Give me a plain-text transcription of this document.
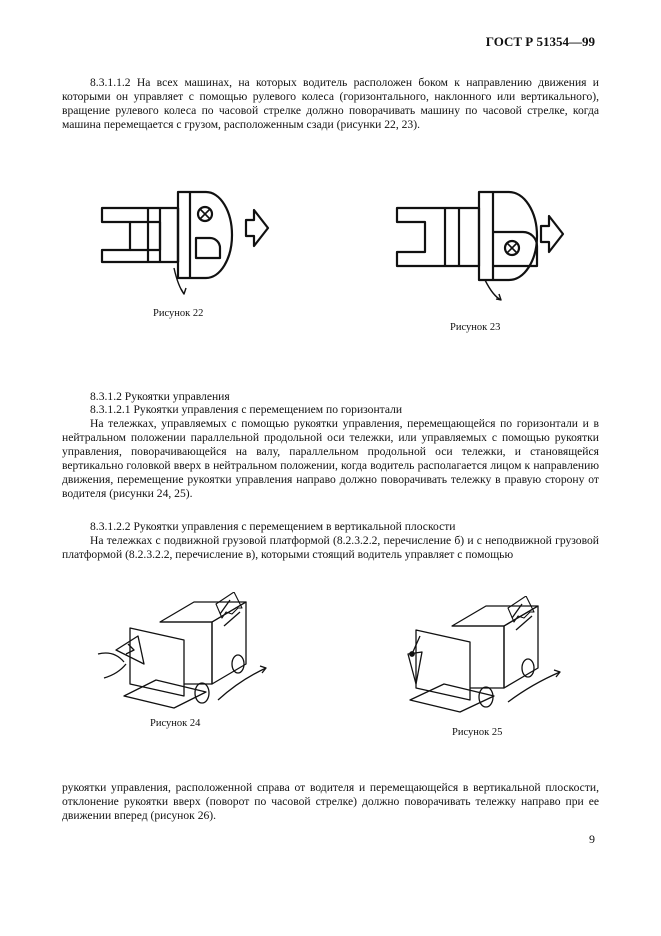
ГОСТ Р 51354—99

8.3.1.1.2 На всех машинах, на которых водитель расположен боком к направлению движения и которыми он управляет с помощью рулевого колеса (горизонтального, наклонного или вертикального), вращение рулевого колеса по часовой стрелке должно поворачивать машину по часовой стрелке, когда машина перемещается с грузом, расположенным сзади (рисунки 22, 23).

Рисунок 22
Рисунок 23
8.3.1.2 Рукоятки управления
8.3.1.2.1 Рукоятки управления с перемещением по горизонтали

На тележках, управляемых с помощью рукоятки управления, перемещающейся по горизонтали и в нейтральном положении параллельной продольной оси тележки, или управляемых с помощью рукоятки управления, поворачивающейся на валу, параллельном продольной оси тележки, и становящейся вертикально головкой вверх в нейтральном положении, когда водитель располагается лицом к направлению движения, перемещение рукоятки управления направо должно поворачивать тележку в правую сторону от водителя (рисунки 24, 25).

8.3.1.2.2 Рукоятки управления с перемещением в вертикальной плоскости

На тележках с подвижной грузовой платформой (8.2.3.2.2, перечисление б) и с неподвижной грузовой платформой (8.2.3.2.2, перечисление в), которыми стоящий водитель управляет с помощью

Рисунок 24
Рисунок 25

рукоятки управления, расположенной справа от водителя и перемещающейся в вертикальной плоскости, отклонение рукоятки вверх (поворот по часовой стрелке) должно поворачивать тележку направо при ее движении вперед (рисунок 26).

9
